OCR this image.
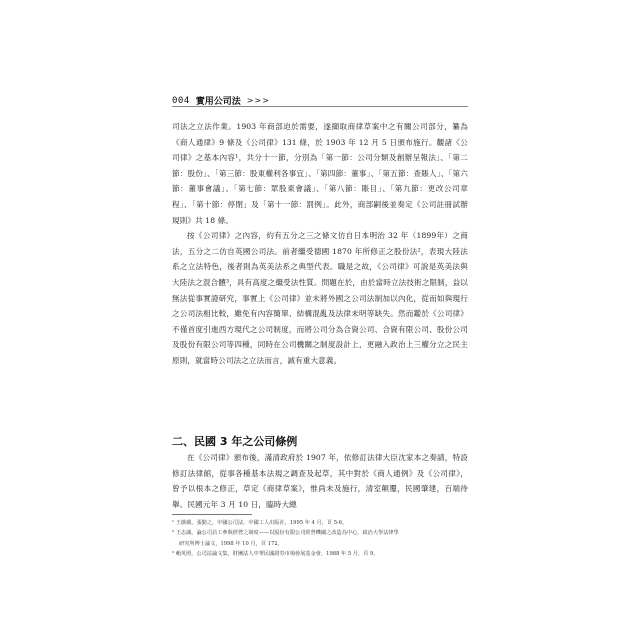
004 實用公司法 >>>

司法之立法作業。1903 年商部迫於需要，遂擷取商律草案中之有關公司部分，纂為《商人通律》9 條及《公司律》131 條，於 1903 年 12 月 5 日頒布施行。觀諸《公司律》之基本內容¹，共分十一節，分別為「第一節：公司分類及創辦呈報法」、「第二節：股份」、「第三節：股東權利各事宜」、「第四節：董事」、「第五節：查賬人」、「第六節：董事會議」、「第七節：眾股東會議」、「第八節：賬目」、「第九節：更改公司章程」、「第十節：停閉」及「第十一節：罰例」。此外，商部嗣後並奏定《公司註冊試辦規則》共 18 條。

按《公司律》之內容，約有五分之三之條文仿自日本明治 32 年（1899年）之商法，五分之二仿自英國公司法。前者繼受德國 1870 年所修正之股份法²，表現大陸法系之立法特色，後者則為英美法系之典型代表。職是之故，《公司律》可說是英美法與大陸法之混合體³，具有高度之繼受法性質。問題在於，由於當時立法技術之限制，益以無法從事實證研究，事實上《公司律》並未將外國之公司法制加以內化，從而如與現行之公司法相比較，雖免有內容簡單、結構混亂及法律未明等缺失。然而鑑於《公司律》不僅首度引進西方現代之公司制度，而將公司分為合資公司、合資有限公司、股份公司及股份有限公司等四種，同時在公司機關之制度設計上，更融入政治上三權分立之民主原則，就當時公司法之立法而言，誠有重大意義。

二、民國 3 年之公司條例

在《公司律》頒布後，滿清政府於 1907 年，依修訂法律大臣沈家本之奏請，特設修訂法律館，從事各種基本法規之調查及起草，其中對於《商人通例》及《公司律》，曾予以根本之修正，草定《商律草案》，惟尚未及施行，清室顛覆，民國肇建，百端待舉。民國元年 3 月 10 日，臨時大總

¹ 王薇蘋，張勤之，中國公司法，中國工人出版社，1995 年 4 月，頁 5-6。

² 王志誠，論公司員工參與經營之制度——以股份有限公司經營機關之改造為中心，政治大學法律學

研究所博士論文，1998 年 10 月，頁 172。

³ 賴英照，公司法論文集，財團法人中華民國證券市場發展基金會，1988 年 5 月，頁 9。
